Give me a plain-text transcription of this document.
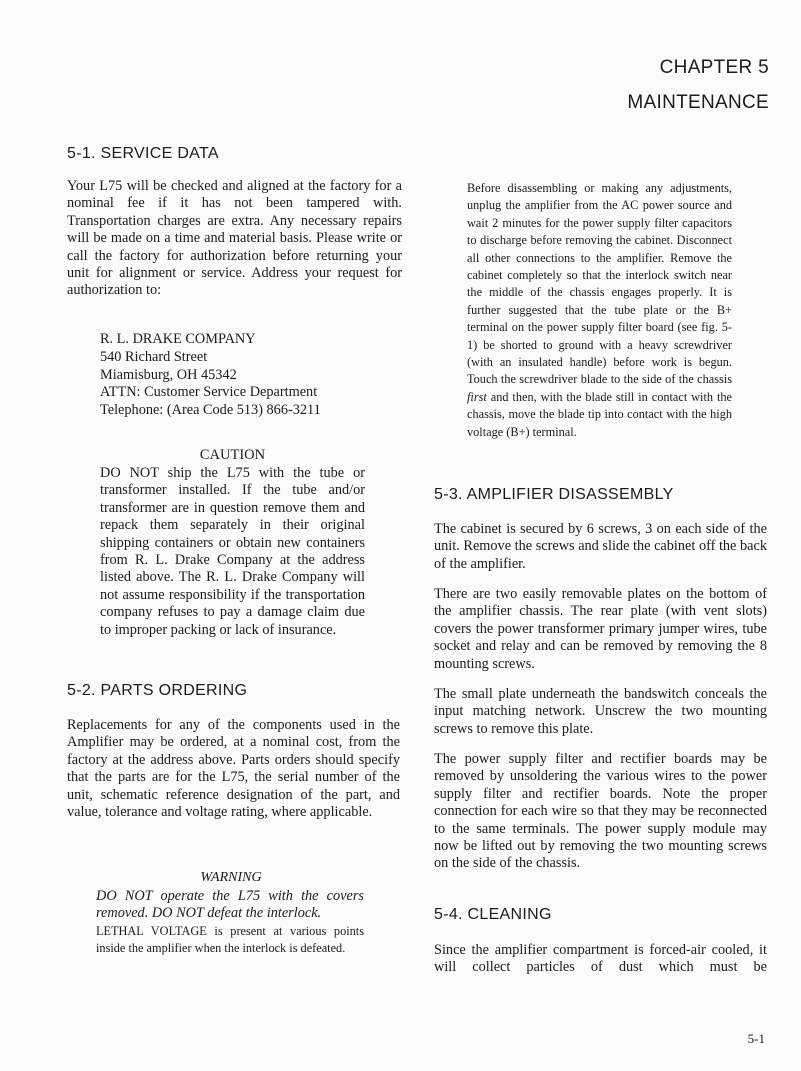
CHAPTER 5
MAINTENANCE
5-1. SERVICE DATA

Your L75 will be checked and aligned at the factory for a nominal fee if it has not been tampered with. Transportation charges are extra. Any necessary repairs will be made on a time and material basis. Please write or call the factory for authorization before returning your unit for alignment or service. Address your request for authorization to:

R. L. DRAKE COMPANY
540 Richard Street
Miamisburg, OH 45342
ATTN: Customer Service Department
Telephone: (Area Code 513) 866-3211
CAUTION

DO NOT ship the L75 with the tube or transformer installed. If the tube and/or transformer are in question remove them and repack them separately in their original shipping containers or obtain new containers from R. L. Drake Company at the address listed above. The R. L. Drake Company will not assume responsibility if the transportation company refuses to pay a damage claim due to improper packing or lack of insurance.

5-2. PARTS ORDERING

Replacements for any of the components used in the Amplifier may be ordered, at a nominal cost, from the factory at the address above. Parts orders should specify that the parts are for the L75, the serial number of the unit, schematic reference designation of the part, and value, tolerance and voltage rating, where applicable.

WARNING

DO NOT operate the L75 with the covers removed. DO NOT defeat the interlock.

LETHAL VOLTAGE is present at various points inside the amplifier when the interlock is defeated.

Before disassembling or making any adjustments, unplug the amplifier from the AC power source and wait 2 minutes for the power supply filter capacitors to discharge before removing the cabinet. Disconnect all other connections to the amplifier. Remove the cabinet completely so that the interlock switch near the middle of the chassis engages properly. It is further suggested that the tube plate or the B+ terminal on the power supply filter board (see fig. 5-1) be shorted to ground with a heavy screwdriver (with an insulated handle) before work is begun. Touch the screwdriver blade to the side of the chassis first and then, with the blade still in contact with the chassis, move the blade tip into contact with the high voltage (B+) terminal.

5-3. AMPLIFIER DISASSEMBLY

The cabinet is secured by 6 screws, 3 on each side of the unit. Remove the screws and slide the cabinet off the back of the amplifier.

There are two easily removable plates on the bottom of the amplifier chassis. The rear plate (with vent slots) covers the power transformer primary jumper wires, tube socket and relay and can be removed by removing the 8 mounting screws.

The small plate underneath the bandswitch conceals the input matching network. Unscrew the two mounting screws to remove this plate.

The power supply filter and rectifier boards may be removed by unsoldering the various wires to the power supply filter and rectifier boards. Note the proper connection for each wire so that they may be reconnected to the same terminals. The power supply module may now be lifted out by removing the two mounting screws on the side of the chassis.

5-4. CLEANING

Since the amplifier compartment is forced-air cooled, it will collect particles of dust which must be

5-1
